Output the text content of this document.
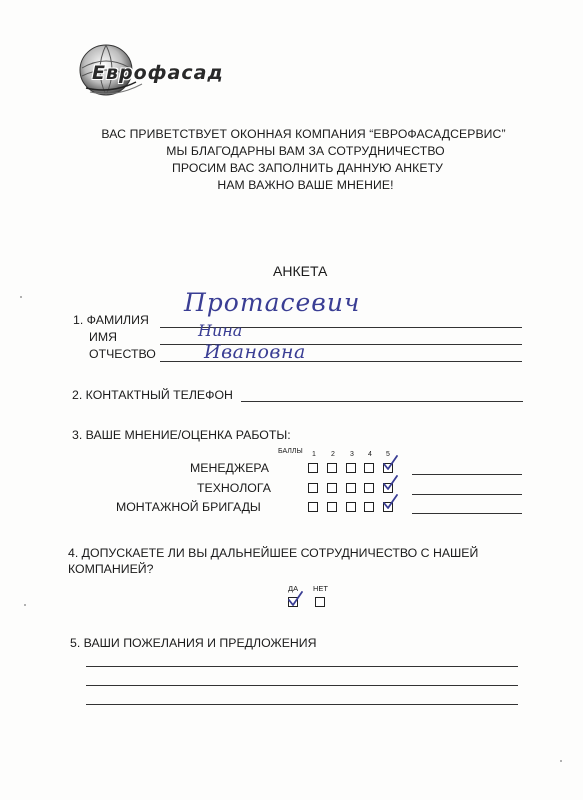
Еврофасад
ВАС ПРИВЕТСТВУЕТ ОКОННАЯ КОМПАНИЯ “ЕВРОФАСАДСЕРВИС”
МЫ БЛАГОДАРНЫ ВАМ ЗА СОТРУДНИЧЕСТВО
ПРОСИМ ВАС ЗАПОЛНИТЬ ДАННУЮ АНКЕТУ
НАМ ВАЖНО ВАШЕ МНЕНИЕ!
АНКЕТА
1. ФАМИЛИЯ
ИМЯ
ОТЧЕСТВО
Протасевич
Нина
Ивановна
2. КОНТАКТНЫЙ ТЕЛЕФОН
3. ВАШЕ МНЕНИЕ/ОЦЕНКА РАБОТЫ:
БАЛЛЫ 1 2 3 4 5
МЕНЕДЖЕРА
ТЕХНОЛОГА
МОНТАЖНОЙ БРИГАДЫ
4. ДОПУСКАЕТЕ ЛИ ВЫ ДАЛЬНЕЙШЕЕ СОТРУДНИЧЕСТВО С НАШЕЙ
КОМПАНИЕЙ?
ДА НЕТ
5. ВАШИ ПОЖЕЛАНИЯ И ПРЕДЛОЖЕНИЯ
